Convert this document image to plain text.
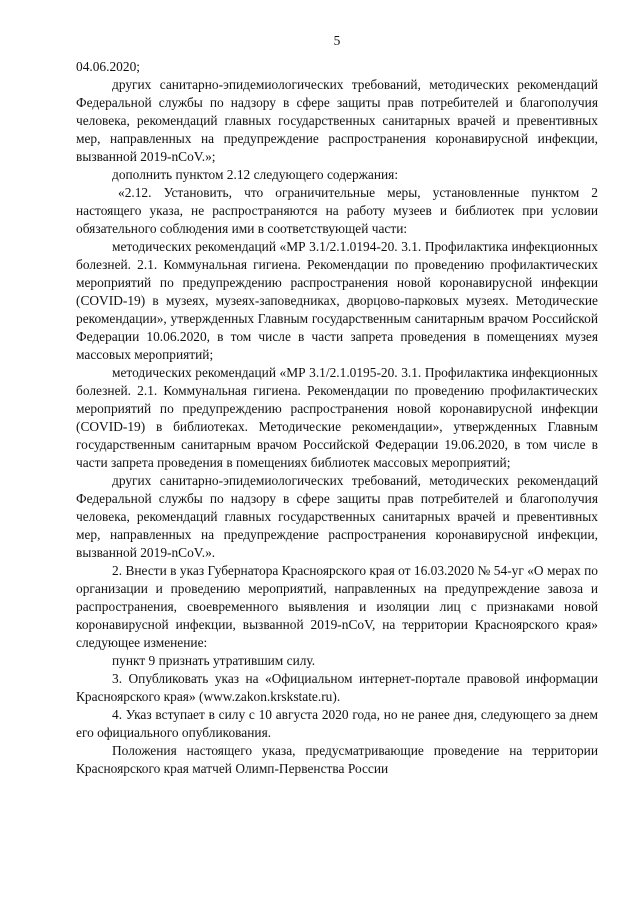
5

04.06.2020;

других санитарно-эпидемиологических требований, методических рекомендаций Федеральной службы по надзору в сфере защиты прав потребителей и благополучия человека, рекомендаций главных государственных санитарных врачей и превентивных мер, направленных на предупреждение распространения коронавирусной инфекции, вызванной 2019-nCoV.»;

дополнить пунктом 2.12 следующего содержания:

«2.12. Установить, что ограничительные меры, установленные пунктом 2 настоящего указа, не распространяются на работу музеев и библиотек при условии обязательного соблюдения ими в соответствующей части:

методических рекомендаций «МР 3.1/2.1.0194-20. 3.1. Профилактика инфекционных болезней. 2.1. Коммунальная гигиена. Рекомендации по проведению профилактических мероприятий по предупреждению распространения новой коронавирусной инфекции (COVID-19) в музеях, музеях-заповедниках, дворцово-парковых музеях. Методические рекомендации», утвержденных Главным государственным санитарным врачом Российской Федерации 10.06.2020, в том числе в части запрета проведения в помещениях музея массовых мероприятий;

методических рекомендаций «МР 3.1/2.1.0195-20. 3.1. Профилактика инфекционных болезней. 2.1. Коммунальная гигиена. Рекомендации по проведению профилактических мероприятий по предупреждению распространения новой коронавирусной инфекции (COVID-19) в библиотеках. Методические рекомендации», утвержденных Главным государственным санитарным врачом Российской Федерации 19.06.2020, в том числе в части запрета проведения в помещениях библиотек массовых мероприятий;

других санитарно-эпидемиологических требований, методических рекомендаций Федеральной службы по надзору в сфере защиты прав потребителей и благополучия человека, рекомендаций главных государственных санитарных врачей и превентивных мер, направленных на предупреждение распространения коронавирусной инфекции, вызванной 2019-nCoV.».

2. Внести в указ Губернатора Красноярского края от 16.03.2020 № 54-уг «О мерах по организации и проведению мероприятий, направленных на предупреждение завоза и распространения, своевременного выявления и изоляции лиц с признаками новой коронавирусной инфекции, вызванной 2019-nCoV, на территории Красноярского края» следующее изменение:

пункт 9 признать утратившим силу.

3. Опубликовать указ на «Официальном интернет-портале правовой информации Красноярского края» (www.zakon.krskstate.ru).

4. Указ вступает в силу с 10 августа 2020 года, но не ранее дня, следующего за днем его официального опубликования.

Положения настоящего указа, предусматривающие проведение на территории Красноярского края матчей Олимп-Первенства России
